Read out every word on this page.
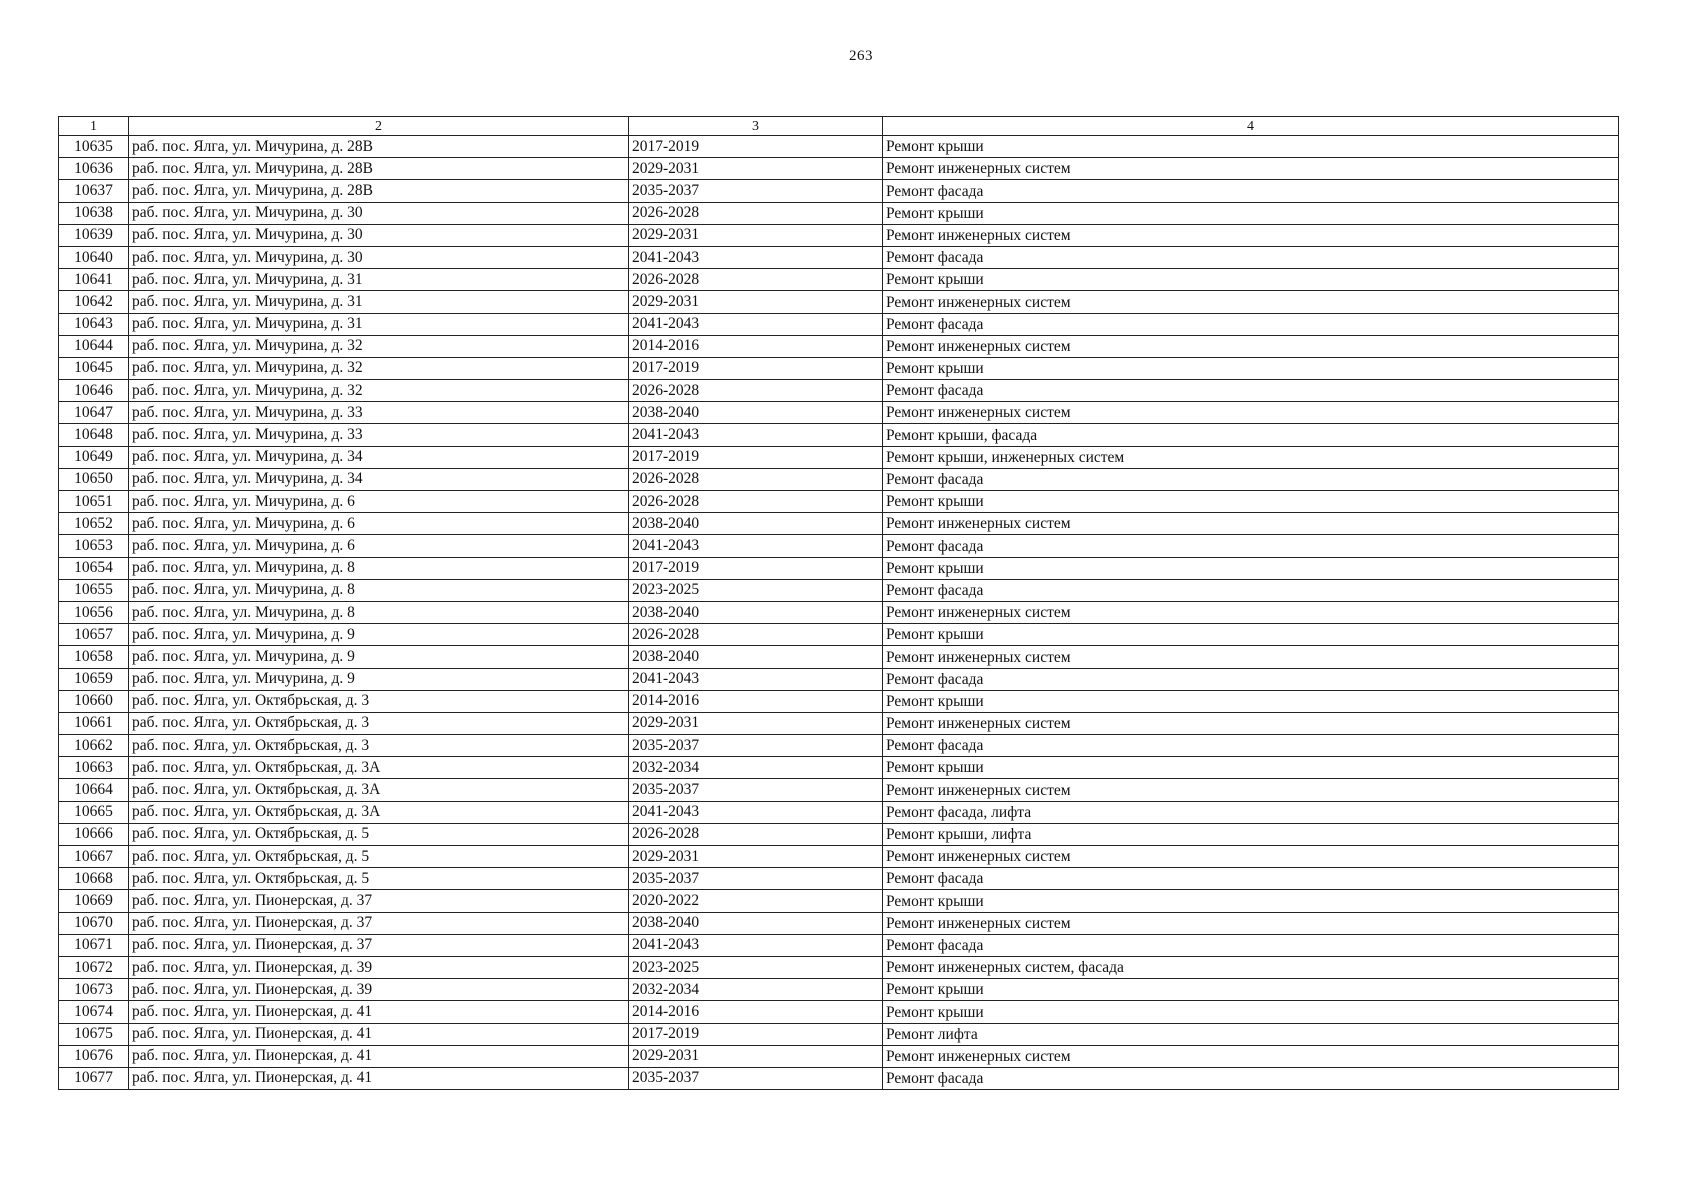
263
1	2	3	4
10635	раб. пос. Ялга, ул. Мичурина, д. 28В	2017-2019	Ремонт крыши
10636	раб. пос. Ялга, ул. Мичурина, д. 28В	2029-2031	Ремонт инженерных систем
10637	раб. пос. Ялга, ул. Мичурина, д. 28В	2035-2037	Ремонт фасада
10638	раб. пос. Ялга, ул. Мичурина, д. 30	2026-2028	Ремонт крыши
10639	раб. пос. Ялга, ул. Мичурина, д. 30	2029-2031	Ремонт инженерных систем
10640	раб. пос. Ялга, ул. Мичурина, д. 30	2041-2043	Ремонт фасада
10641	раб. пос. Ялга, ул. Мичурина, д. 31	2026-2028	Ремонт крыши
10642	раб. пос. Ялга, ул. Мичурина, д. 31	2029-2031	Ремонт инженерных систем
10643	раб. пос. Ялга, ул. Мичурина, д. 31	2041-2043	Ремонт фасада
10644	раб. пос. Ялга, ул. Мичурина, д. 32	2014-2016	Ремонт инженерных систем
10645	раб. пос. Ялга, ул. Мичурина, д. 32	2017-2019	Ремонт крыши
10646	раб. пос. Ялга, ул. Мичурина, д. 32	2026-2028	Ремонт фасада
10647	раб. пос. Ялга, ул. Мичурина, д. 33	2038-2040	Ремонт инженерных систем
10648	раб. пос. Ялга, ул. Мичурина, д. 33	2041-2043	Ремонт крыши, фасада
10649	раб. пос. Ялга, ул. Мичурина, д. 34	2017-2019	Ремонт крыши, инженерных систем
10650	раб. пос. Ялга, ул. Мичурина, д. 34	2026-2028	Ремонт фасада
10651	раб. пос. Ялга, ул. Мичурина, д. 6	2026-2028	Ремонт крыши
10652	раб. пос. Ялга, ул. Мичурина, д. 6	2038-2040	Ремонт инженерных систем
10653	раб. пос. Ялга, ул. Мичурина, д. 6	2041-2043	Ремонт фасада
10654	раб. пос. Ялга, ул. Мичурина, д. 8	2017-2019	Ремонт крыши
10655	раб. пос. Ялга, ул. Мичурина, д. 8	2023-2025	Ремонт фасада
10656	раб. пос. Ялга, ул. Мичурина, д. 8	2038-2040	Ремонт инженерных систем
10657	раб. пос. Ялга, ул. Мичурина, д. 9	2026-2028	Ремонт крыши
10658	раб. пос. Ялга, ул. Мичурина, д. 9	2038-2040	Ремонт инженерных систем
10659	раб. пос. Ялга, ул. Мичурина, д. 9	2041-2043	Ремонт фасада
10660	раб. пос. Ялга, ул. Октябрьская, д. 3	2014-2016	Ремонт крыши
10661	раб. пос. Ялга, ул. Октябрьская, д. 3	2029-2031	Ремонт инженерных систем
10662	раб. пос. Ялга, ул. Октябрьская, д. 3	2035-2037	Ремонт фасада
10663	раб. пос. Ялга, ул. Октябрьская, д. 3А	2032-2034	Ремонт крыши
10664	раб. пос. Ялга, ул. Октябрьская, д. 3А	2035-2037	Ремонт инженерных систем
10665	раб. пос. Ялга, ул. Октябрьская, д. 3А	2041-2043	Ремонт фасада, лифта
10666	раб. пос. Ялга, ул. Октябрьская, д. 5	2026-2028	Ремонт крыши, лифта
10667	раб. пос. Ялга, ул. Октябрьская, д. 5	2029-2031	Ремонт инженерных систем
10668	раб. пос. Ялга, ул. Октябрьская, д. 5	2035-2037	Ремонт фасада
10669	раб. пос. Ялга, ул. Пионерская, д. 37	2020-2022	Ремонт крыши
10670	раб. пос. Ялга, ул. Пионерская, д. 37	2038-2040	Ремонт инженерных систем
10671	раб. пос. Ялга, ул. Пионерская, д. 37	2041-2043	Ремонт фасада
10672	раб. пос. Ялга, ул. Пионерская, д. 39	2023-2025	Ремонт инженерных систем, фасада
10673	раб. пос. Ялга, ул. Пионерская, д. 39	2032-2034	Ремонт крыши
10674	раб. пос. Ялга, ул. Пионерская, д. 41	2014-2016	Ремонт крыши
10675	раб. пос. Ялга, ул. Пионерская, д. 41	2017-2019	Ремонт лифта
10676	раб. пос. Ялга, ул. Пионерская, д. 41	2029-2031	Ремонт инженерных систем
10677	раб. пос. Ялга, ул. Пионерская, д. 41	2035-2037	Ремонт фасада
